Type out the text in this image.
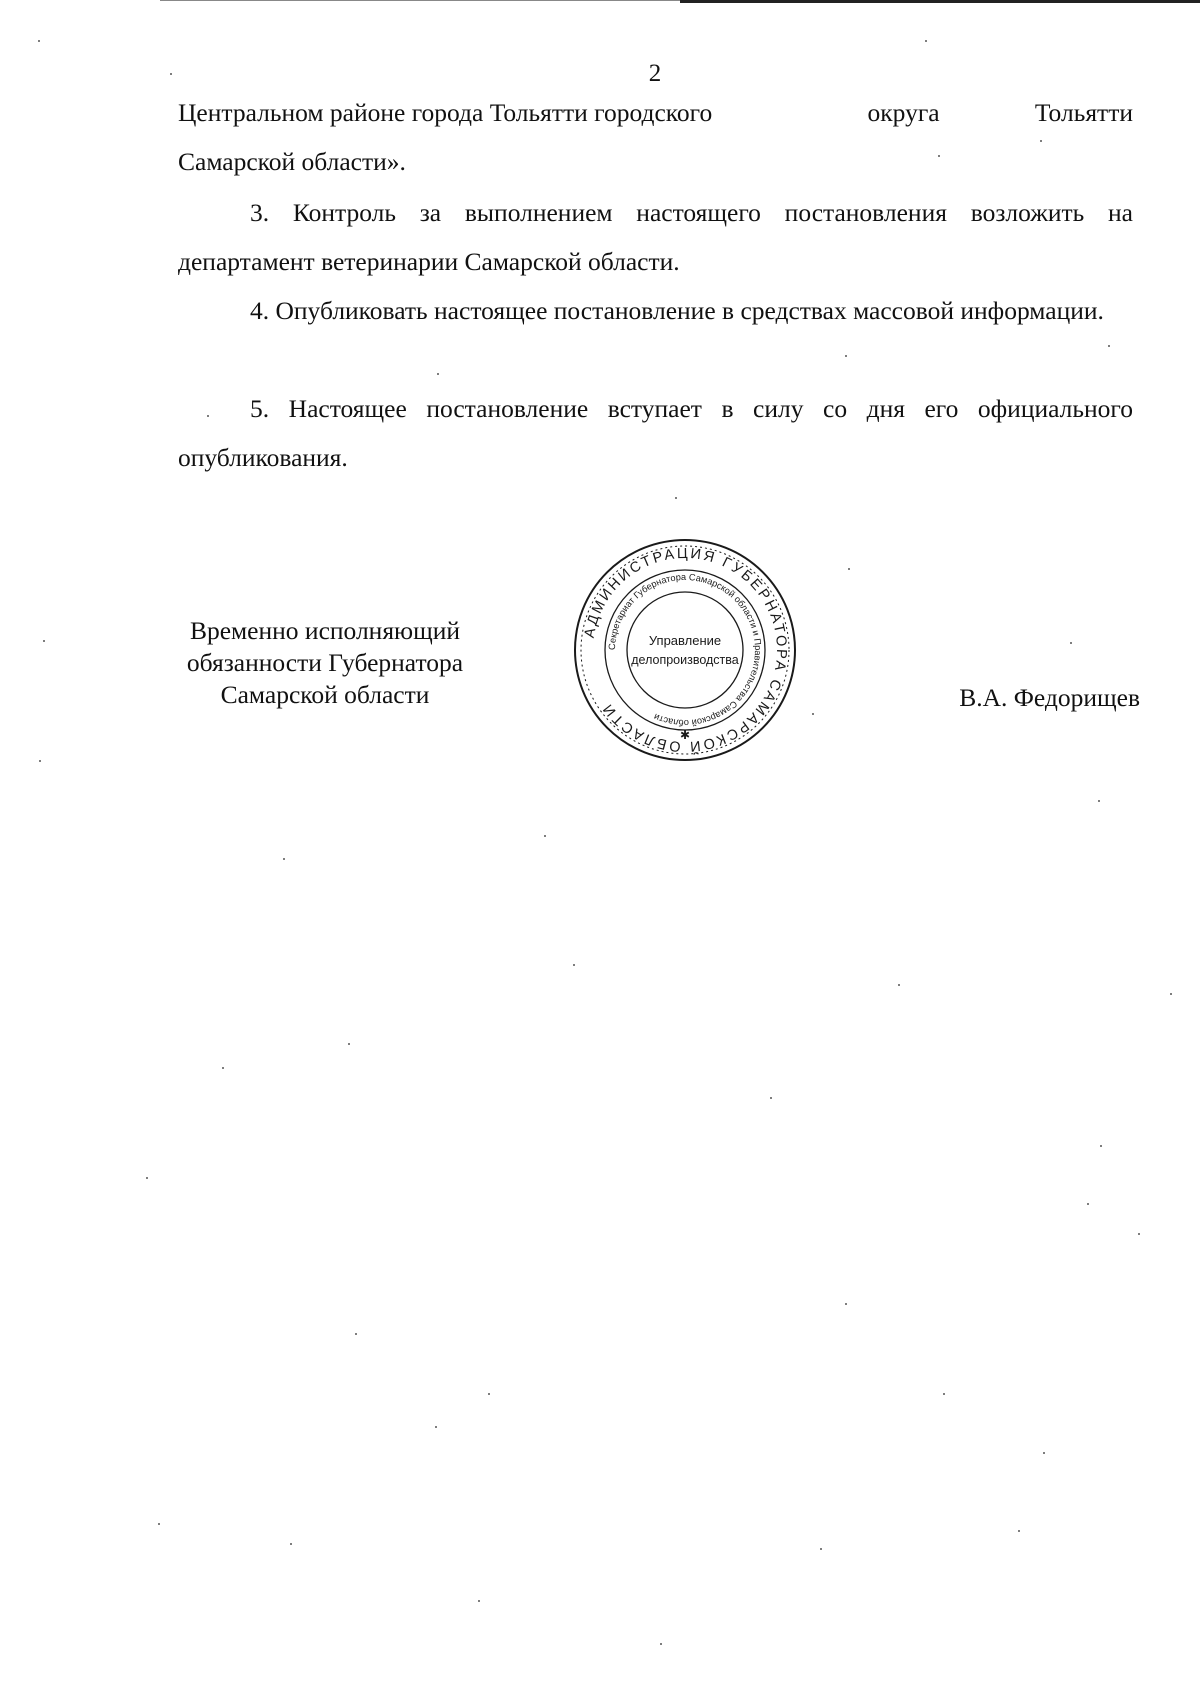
2
Центральном районе города Тольятти городского	округа	Тольятти
Самарской области».

3. Контроль за выполнением настоящего постановления возложить на департамент ветеринарии Самарской области.

4. Опубликовать настоящее постановление в средствах массовой информации.

5. Настоящее постановление вступает в силу со дня его официального опубликования.

Временно исполняющий
обязанности Губернатора
Самарской области
АДМИНИСТРАЦИЯ ГУБЕРНАТОРА САМАРСКОЙ ОБЛАСТИ
Секретариат Губернатора Самарской области и Правительства Самарской области
Управление
делопроизводства
✱
В.А. Федорищев
